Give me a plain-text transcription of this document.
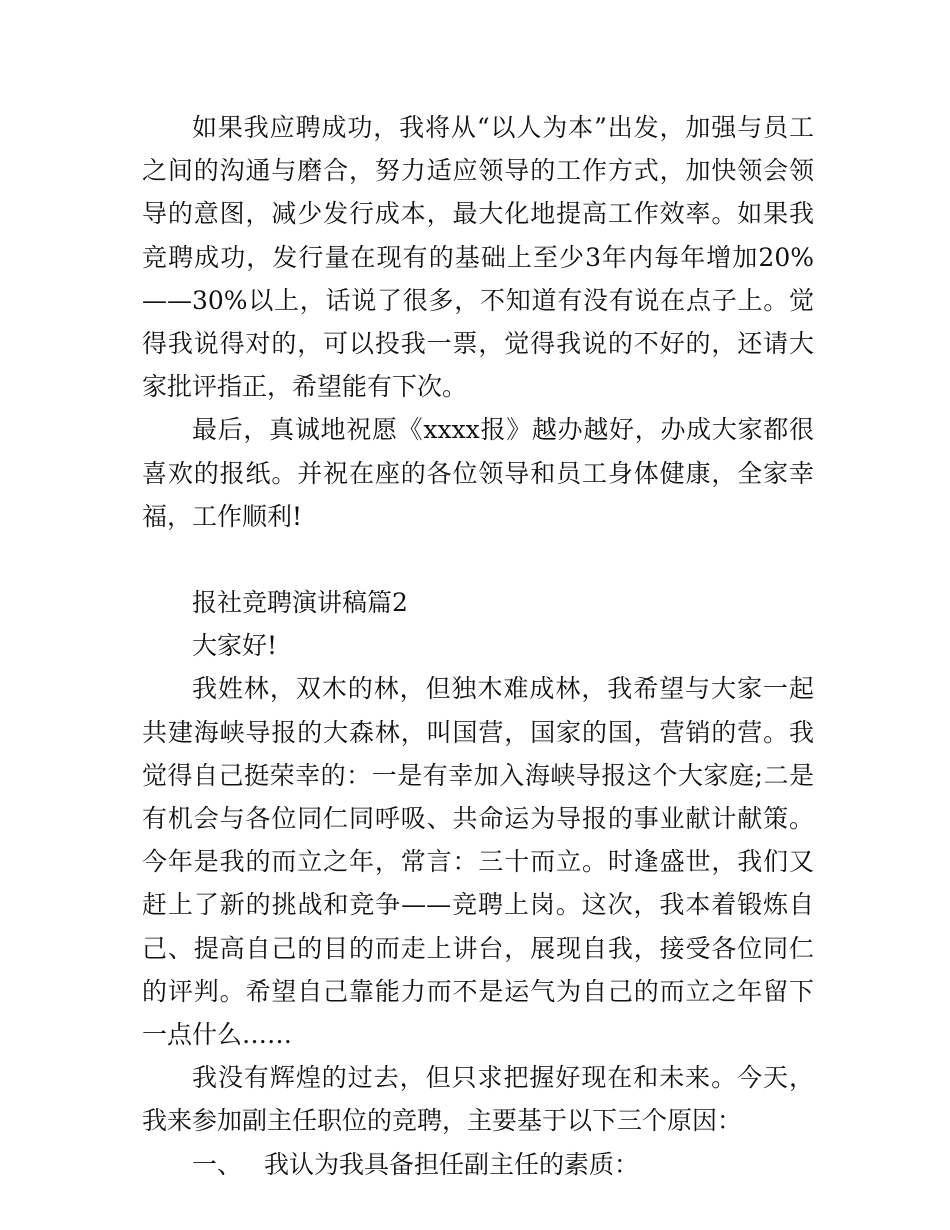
如果我应聘成功，我将从“以人为本”出发，加强与员工之间的沟通与磨合，努力适应领导的工作方式，加快领会领导的意图，减少发行成本，最大化地提高工作效率。如果我竞聘成功，发行量在现有的基础上至少3年内每年增加20%——30%以上，话说了很多，不知道有没有说在点子上。觉得我说得对的，可以投我一票，觉得我说的不好的，还请大家批评指正，希望能有下次。

最后，真诚地祝愿《xxxx报》越办越好，办成大家都很喜欢的报纸。并祝在座的各位领导和员工身体健康，全家幸福，工作顺利!

报社竞聘演讲稿篇2

大家好!

我姓林，双木的林，但独木难成林，我希望与大家一起共建海峡导报的大森林，叫国营，国家的国，营销的营。我觉得自己挺荣幸的：一是有幸加入海峡导报这个大家庭;二是有机会与各位同仁同呼吸、共命运为导报的事业献计献策。今年是我的而立之年，常言：三十而立。时逢盛世，我们又赶上了新的挑战和竞争——竞聘上岗。这次，我本着锻炼自己、提高自己的目的而走上讲台，展现自我，接受各位同仁的评判。希望自己靠能力而不是运气为自己的而立之年留下一点什么……

我没有辉煌的过去，但只求把握好现在和未来。今天，我来参加副主任职位的竞聘，主要基于以下三个原因：

一、 我认为我具备担任副主任的素质：
